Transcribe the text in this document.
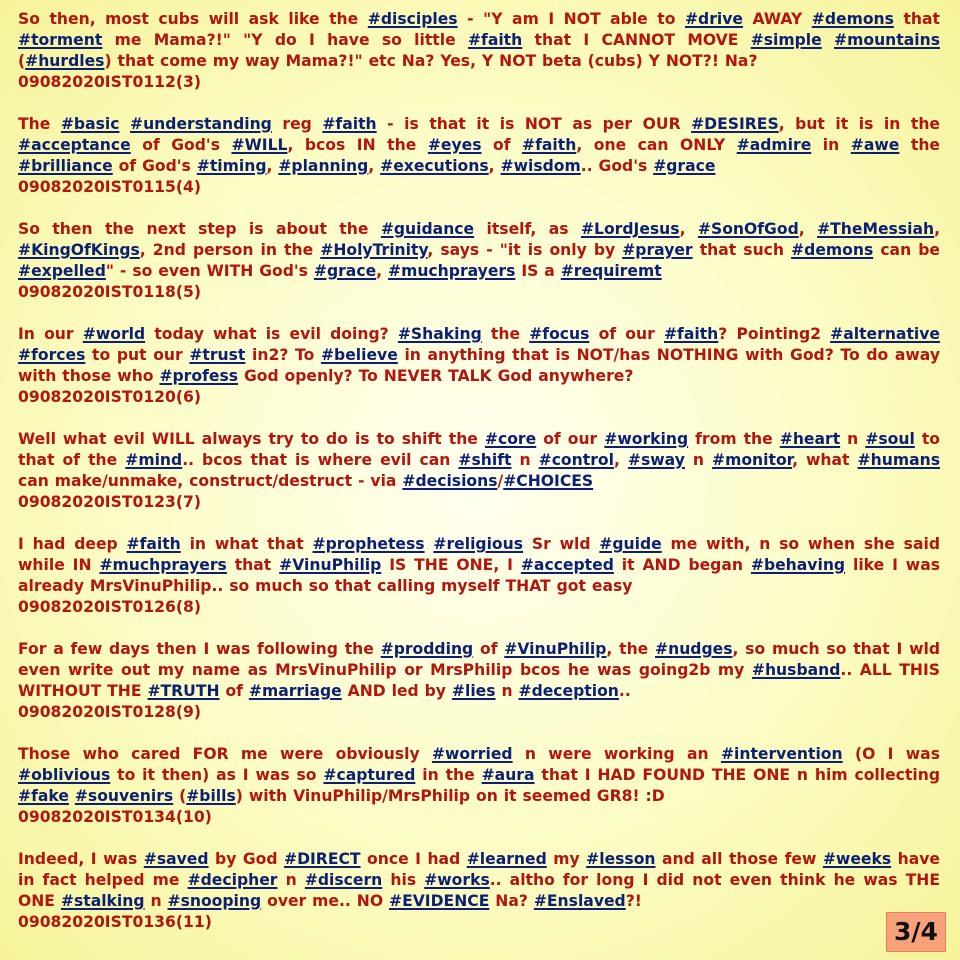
So then, most cubs will ask like the #disciples - "Y am I NOT able to #drive AWAY #demons that #torment me Mama?!" "Y do I have so little #faith that I CANNOT MOVE #simple #mountains (#hurdles) that come my way Mama?!" etc Na? Yes, Y NOT beta (cubs) Y NOT?! Na?
09082020IST0112(3)

The #basic #understanding reg #faith - is that it is NOT as per OUR #DESIRES, but it is in the #acceptance of God's #WILL, bcos IN the #eyes of #faith, one can ONLY #admire in #awe the #brilliance of God's #timing, #planning, #executions, #wisdom.. God's #grace
09082020IST0115(4)

So then the next step is about the #guidance itself, as #LordJesus, #SonOfGod, #TheMessiah, #KingOfKings, 2nd person in the #HolyTrinity, says - "it is only by #prayer that such #demons can be #expelled" - so even WITH God's #grace, #muchprayers IS a #requiremt
09082020IST0118(5)

In our #world today what is evil doing? #Shaking the #focus of our #faith? Pointing2 #alternative #forces to put our #trust in2? To #believe in anything that is NOT/has NOTHING with God? To do away with those who #profess God openly? To NEVER TALK God anywhere?
09082020IST0120(6)

Well what evil WILL always try to do is to shift the #core of our #working from the #heart n #soul to that of the #mind.. bcos that is where evil can #shift n #control, #sway n #monitor, what #humans can make/unmake, construct/destruct - via #decisions/#CHOICES
09082020IST0123(7)

I had deep #faith in what that #prophetess #religious Sr wld #guide me with, n so when she said while IN #muchprayers that #VinuPhilip IS THE ONE, I #accepted it AND began #behaving like I was already MrsVinuPhilip.. so much so that calling myself THAT got easy
09082020IST0126(8)

For a few days then I was following the #prodding of #VinuPhilip, the #nudges, so much so that I wld even write out my name as MrsVinuPhilip or MrsPhilip bcos he was going2b my #husband.. ALL THIS WITHOUT THE #TRUTH of #marriage AND led by #lies n #deception..
09082020IST0128(9)

Those who cared FOR me were obviously #worried n were working an #intervention (O I was #oblivious to it then) as I was so #captured in the #aura that I HAD FOUND THE ONE n him collecting #fake #souvenirs (#bills) with VinuPhilip/MrsPhilip on it seemed GR8! :D
09082020IST0134(10)

Indeed, I was #saved by God #DIRECT once I had #learned my #lesson and all those few #weeks have in fact helped me #decipher n #discern his #works.. altho for long I did not even think he was THE ONE #stalking n #snooping over me.. NO #EVIDENCE Na? #Enslaved?!
09082020IST0136(11)	3/4
